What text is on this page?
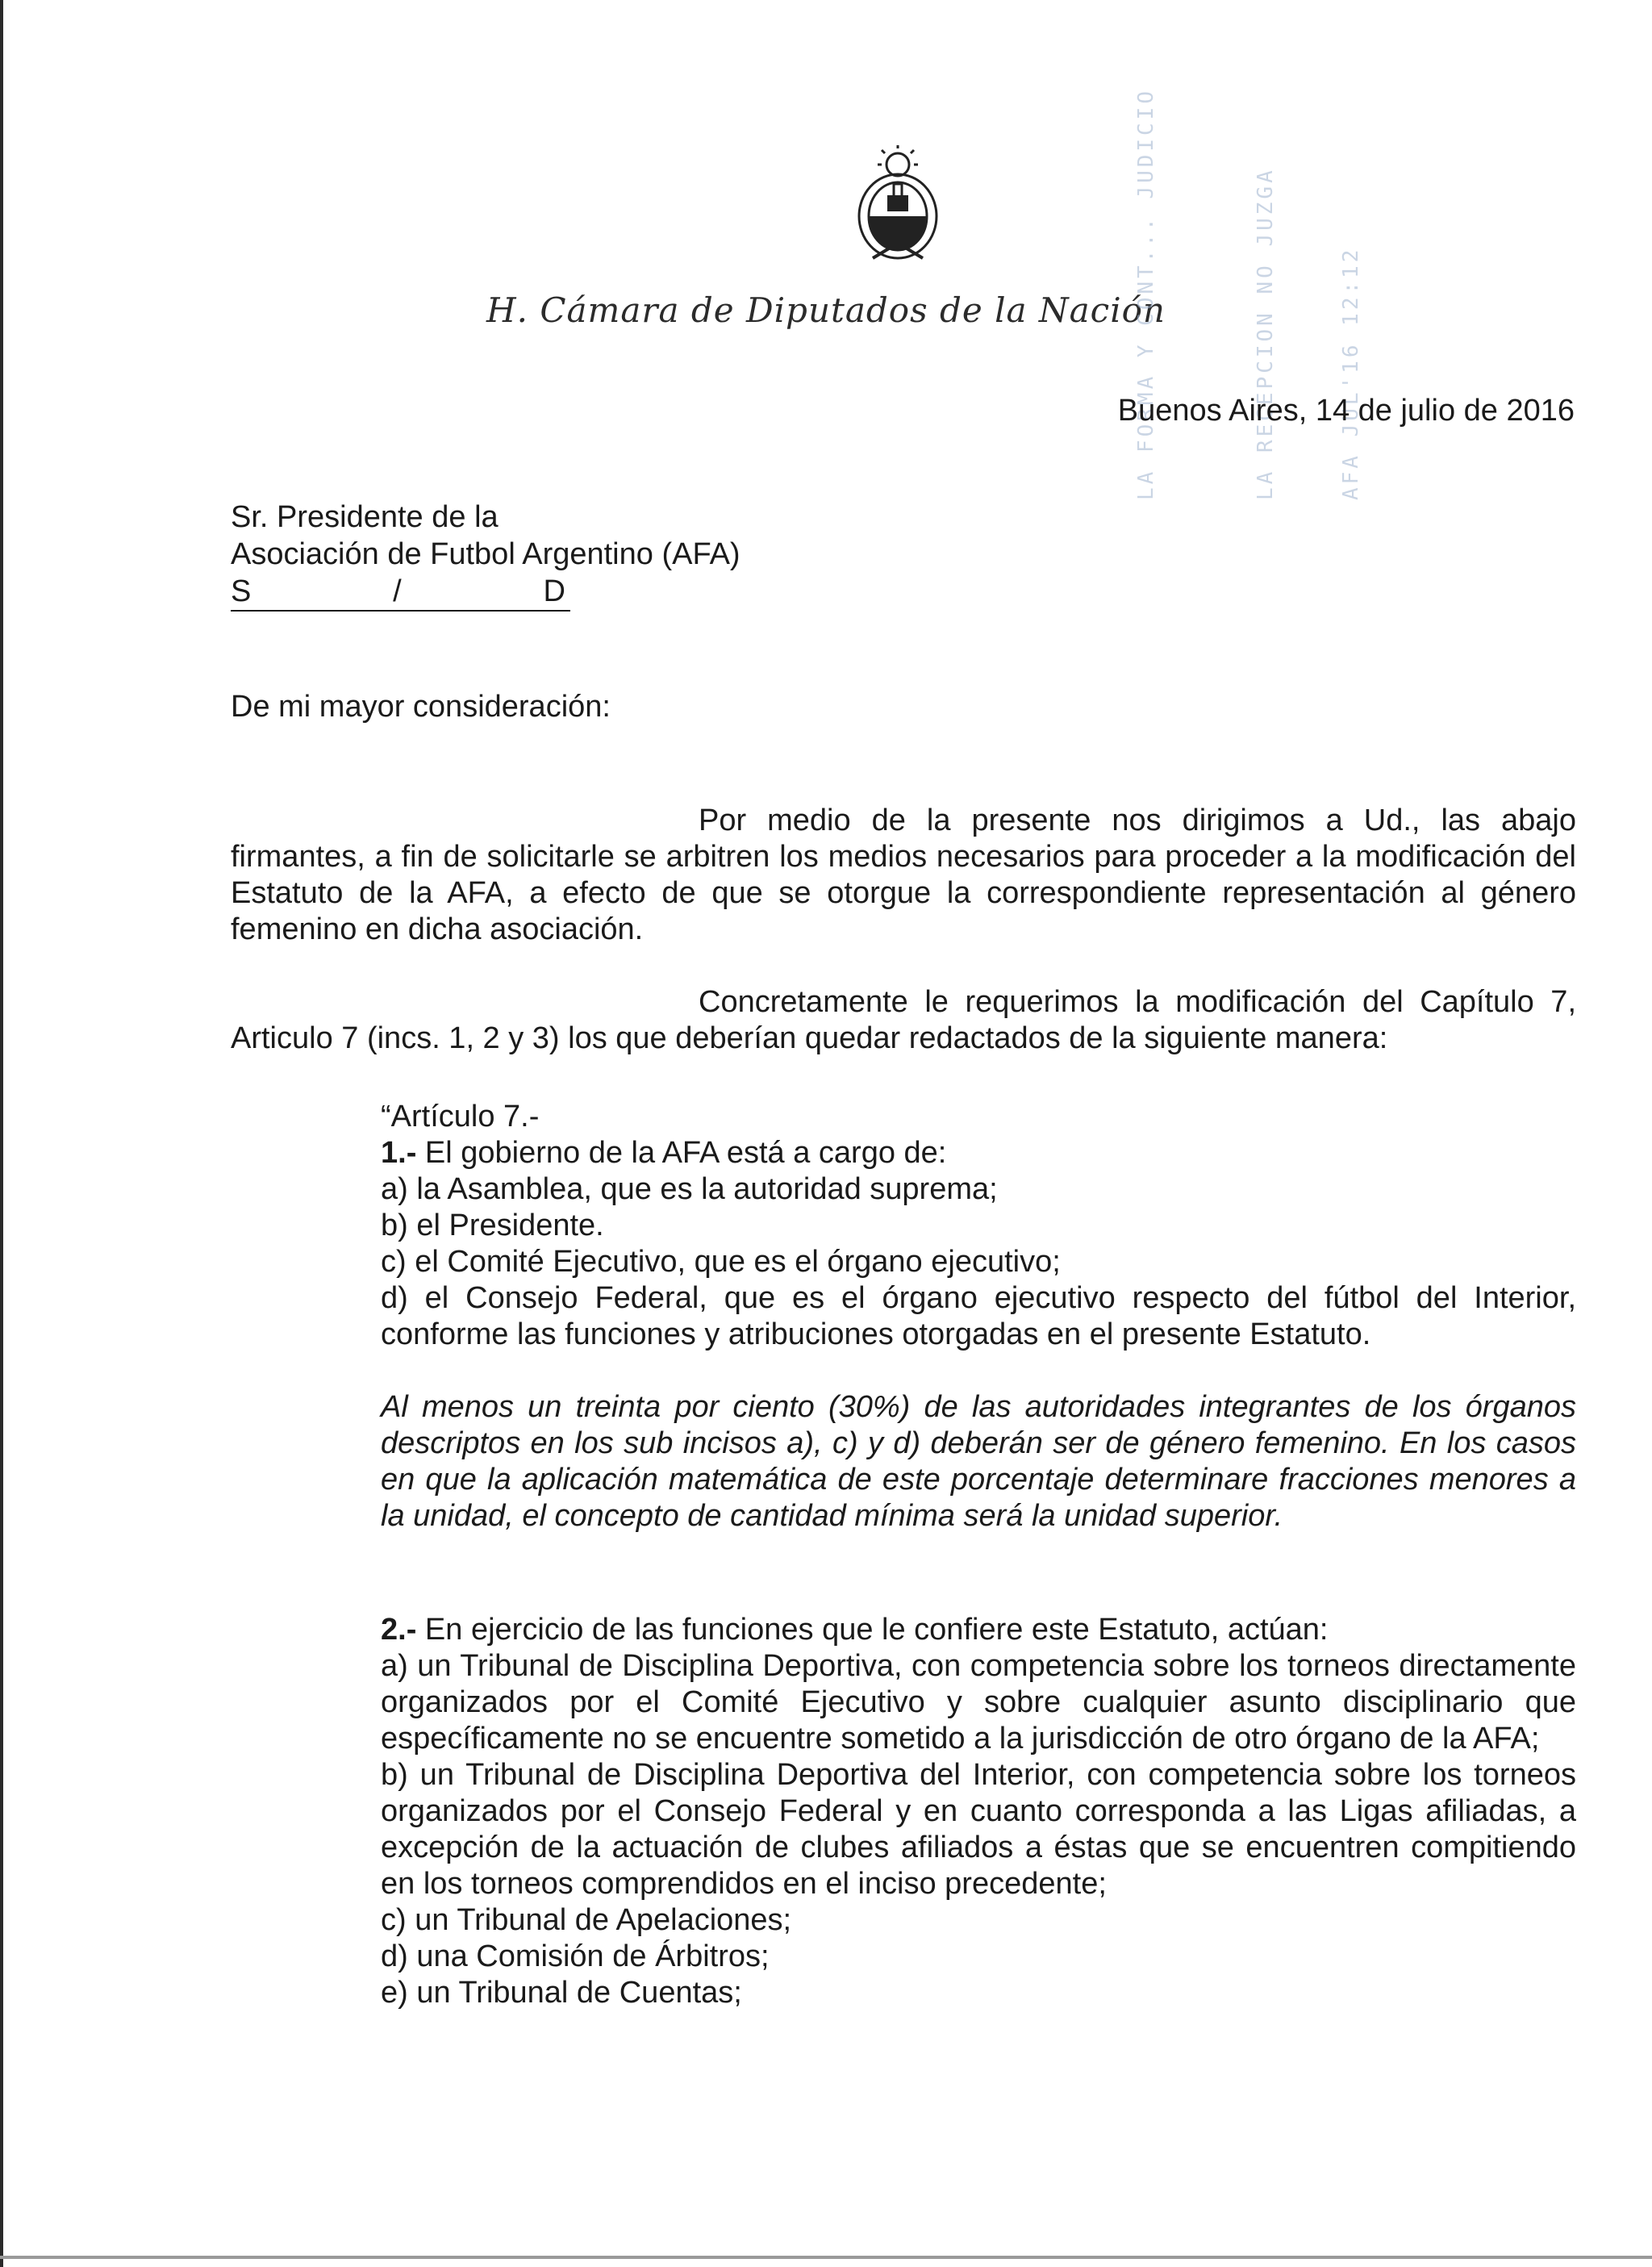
H. Cámara de Diputados de la Nación
LA FORMA Y CONT... JUDICIO	LA RECEPCION NO JUZGA	AFA JUL'16 12:12
Buenos Aires, 14 de julio de 2016
Sr. Presidente de la
Asociación de Futbol Argentino (AFA)
S	/	D
De mi mayor consideración:

Por medio de la presente nos dirigimos a Ud., las abajo firmantes, a fin de solicitarle se arbitren los medios necesarios para proceder a la modificación del Estatuto de la AFA, a efecto de que se otorgue la correspondiente representación al género femenino en dicha asociación.

Concretamente le requerimos la modificación del Capítulo 7, Articulo 7 (incs. 1, 2 y 3) los que deberían quedar redactados de la siguiente manera:

“Artículo 7.-

1.- El gobierno de la AFA está a cargo de:

a) la Asamblea, que es la autoridad suprema;

b) el Presidente.

c) el Comité Ejecutivo, que es el órgano ejecutivo;

d) el Consejo Federal, que es el órgano ejecutivo respecto del fútbol del Interior, conforme las funciones y atribuciones otorgadas en el presente Estatuto.

Al menos un treinta por ciento (30%) de las autoridades integrantes de los órganos descriptos en los sub incisos a), c) y d) deberán ser de género femenino. En los casos en que la aplicación matemática de este porcentaje determinare fracciones menores a la unidad, el concepto de cantidad mínima será la unidad superior.

2.- En ejercicio de las funciones que le confiere este Estatuto, actúan:

a) un Tribunal de Disciplina Deportiva, con competencia sobre los torneos directamente organizados por el Comité Ejecutivo y sobre cualquier asunto disciplinario que específicamente no se encuentre sometido a la jurisdicción de otro órgano de la AFA;

b) un Tribunal de Disciplina Deportiva del Interior, con competencia sobre los torneos organizados por el Consejo Federal y en cuanto corresponda a las Ligas afiliadas, a excepción de la actuación de clubes afiliados a éstas que se encuentren compitiendo en los torneos comprendidos en el inciso precedente;

c) un Tribunal de Apelaciones;

d) una Comisión de Árbitros;

e) un Tribunal de Cuentas;
